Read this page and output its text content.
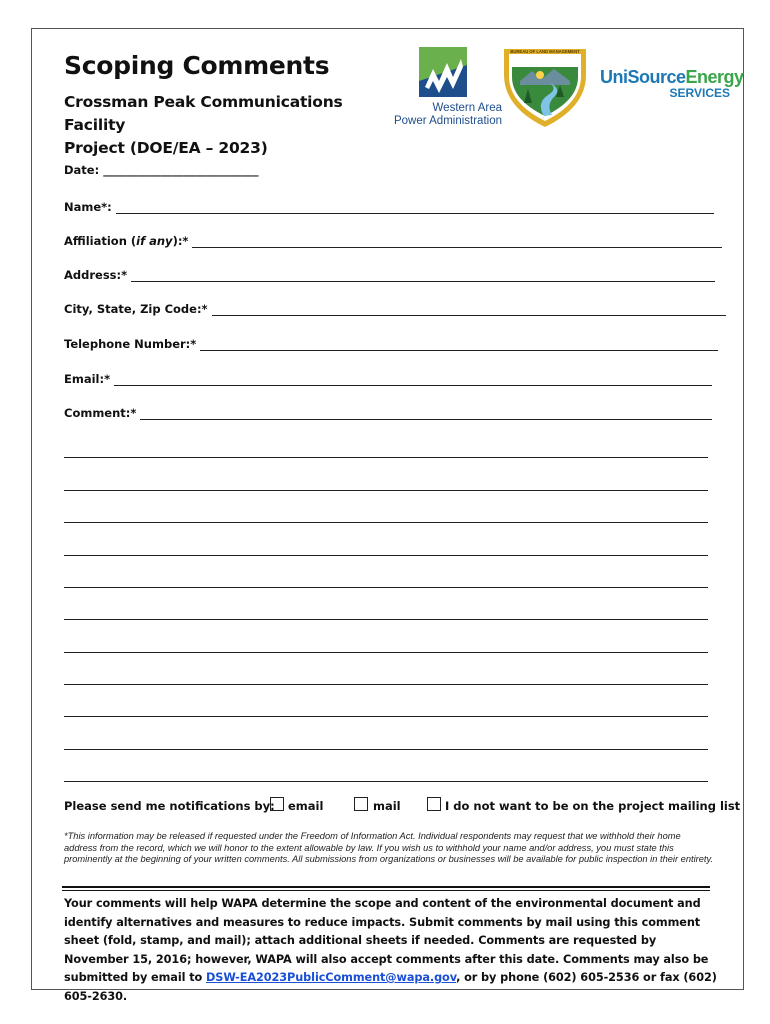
Scoping Comments
Crossman Peak Communications Facility
Project (DOE/EA – 2023)
Western Area
Power Administration
BUREAU OF LAND MANAGEMENT
UniSourceEnergy
SERVICES
Date: ___________________________
Name*:
Affiliation (if any):*
Address:*
City, State, Zip Code:*
Telephone Number:*
Email:*
Comment:*
Please send me notifications by: email	mail	I do not want to be on the project mailing list
*This information may be released if requested under the Freedom of Information Act. Individual respondents may request that we withhold their home address from the record, which we will honor to the extent allowable by law. If you wish us to withhold your name and/or address, you must state this prominently at the beginning of your written comments. All submissions from organizations or businesses will be available for public inspection in their entirety.
Your comments will help WAPA determine the scope and content of the environmental document and identify alternatives and measures to reduce impacts. Submit comments by mail using this comment sheet (fold, stamp, and mail); attach additional sheets if needed. Comments are requested by November 15, 2016; however, WAPA will also accept comments after this date. Comments may also be submitted by email to DSW-EA2023PublicComment@wapa.gov, or by phone (602) 605-2536 or fax (602) 605-2630.
